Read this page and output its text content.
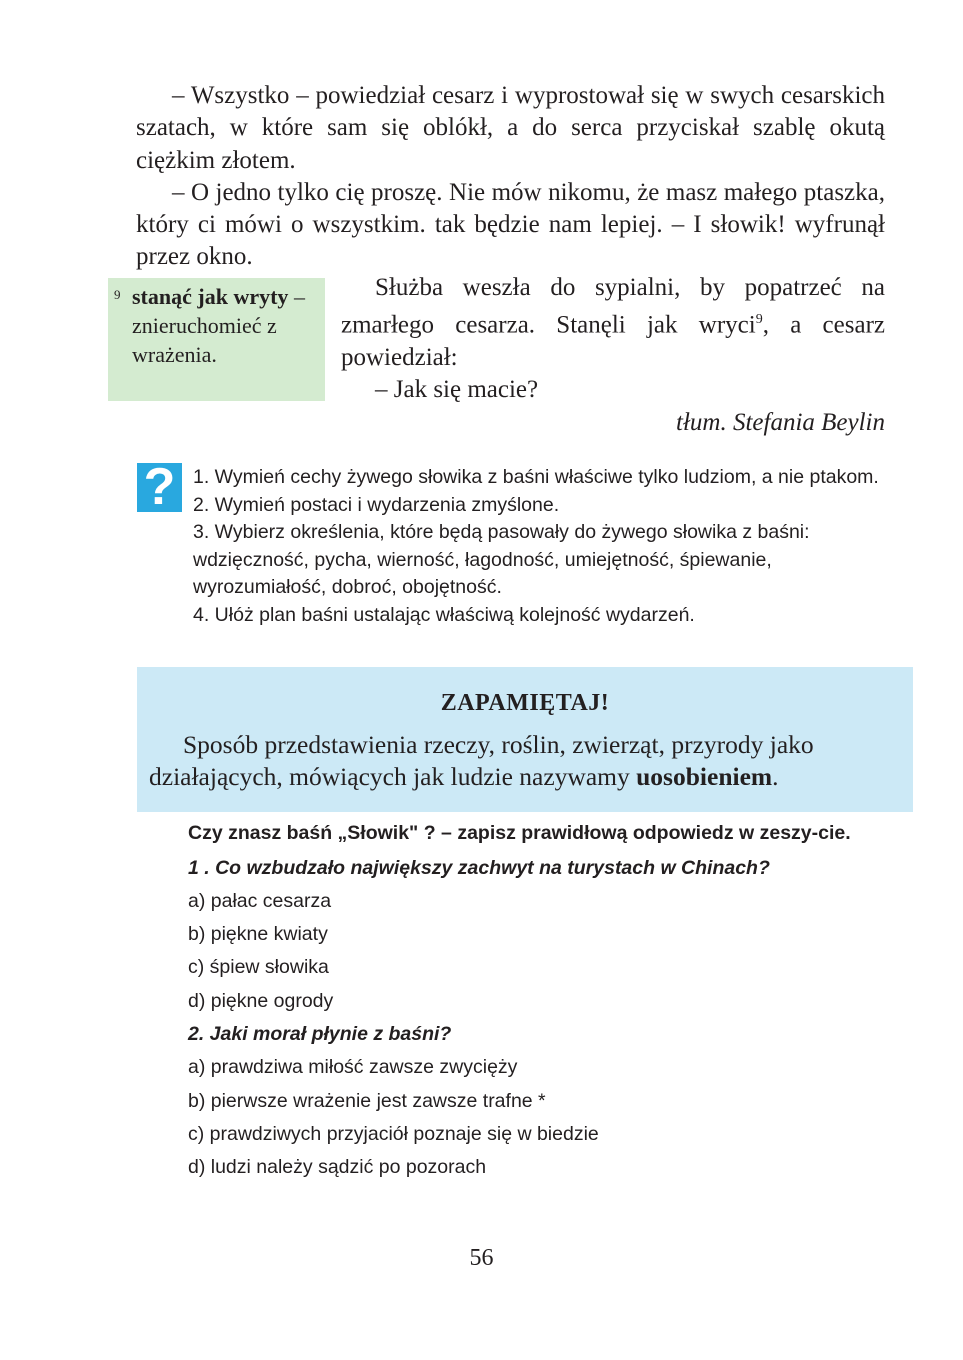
– Wszystko – powiedział cesarz i wyprostował się w swych cesarskich szatach, w które sam się oblókł, a do serca przyciskał szablę okutą ciężkim złotem.

– O jedno tylko cię proszę. Nie mów nikomu, że masz małego ptaszka, który ci mówi o wszystkim. tak będzie nam lepiej. – I słowik! wyfrunął przez okno.

9 stanąć jak wryty – znieruchomieć z wrażenia.

Służba weszła do sypialni, by popatrzeć na zmarłego cesarza. Stanęli jak wryci$^9$, a cesarz powiedział:

– Jak się macie?

tłum. Stefania Beylin

? 1. Wymień cechy żywego słowika z baśni właściwe tylko ludziom, a nie ptakom.

2. Wymień postaci i wydarzenia zmyślone.

3. Wybierz określenia, które będą pasowały do żywego słowika z baśni: wdzięczność, pycha, wierność, łagodność, umiejętność, śpiewanie, wyrozumiałość, dobroć, obojętność.

4. Ułóż plan baśni ustalając właściwą kolejność wydarzeń.

ZAPAMIĘTAJ!
Sposób przedstawienia rzeczy, roślin, zwierząt, przyrody jako działających, mówiących jak ludzie nazywamy uosobieniem.

Czy znasz baśń „Słowik" ? – zapisz prawidłową odpowiedz w zeszy-cie.

1 . Co wzbudzało największy zachwyt na turystach w Chinach?

a) pałac cesarza

b) piękne kwiaty

c) śpiew słowika

d) piękne ogrody

2. Jaki morał płynie z baśni?

a) prawdziwa miłość zawsze zwycięży

b) pierwsze wrażenie jest zawsze trafne *

c) prawdziwych przyjaciół poznaje się w biedzie

d) ludzi należy sądzić po pozorach

56
